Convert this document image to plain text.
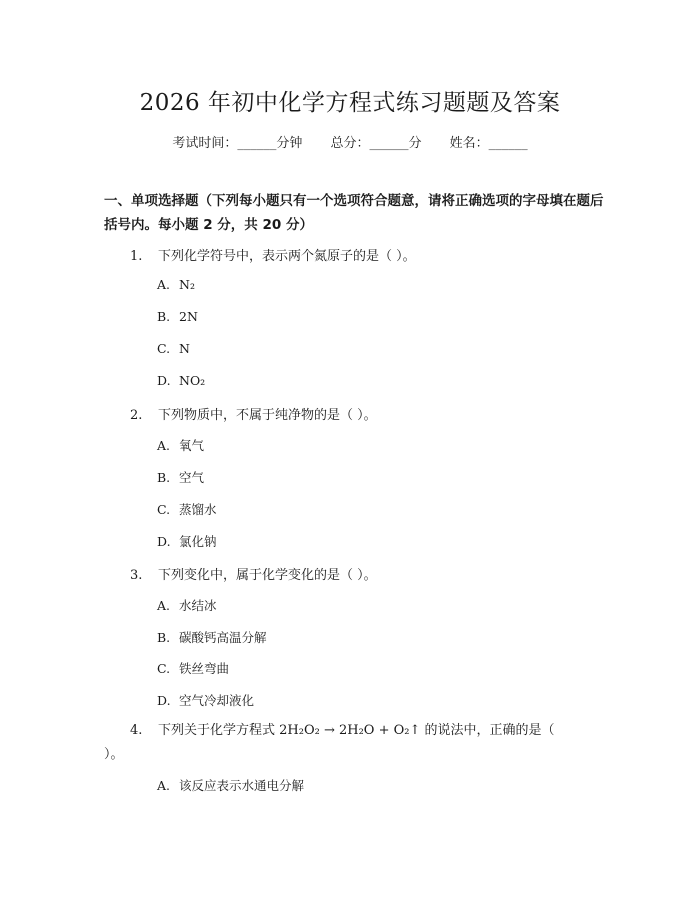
2026 年初中化学方程式练习题题及答案
考试时间：______分钟 总分：______分 姓名：______
一、单项选择题（下列每小题只有一个选项符合题意，请将正确选项的字母填在题后括号内。每小题 2 分，共 20 分）
1. 下列化学符号中，表示两个氮原子的是（ ）。
A. N₂
B. 2N
C. N
D. NO₂
2. 下列物质中，不属于纯净物的是（ ）。
A. 氧气
B. 空气
C. 蒸馏水
D. 氯化钠
3. 下列变化中，属于化学变化的是（ ）。
A. 水结冰
B. 碳酸钙高温分解
C. 铁丝弯曲
D. 空气冷却液化
4. 下列关于化学方程式 2H₂O₂ → 2H₂O + O₂↑ 的说法中，正确的是（ ）。
A. 该反应表示水通电分解
